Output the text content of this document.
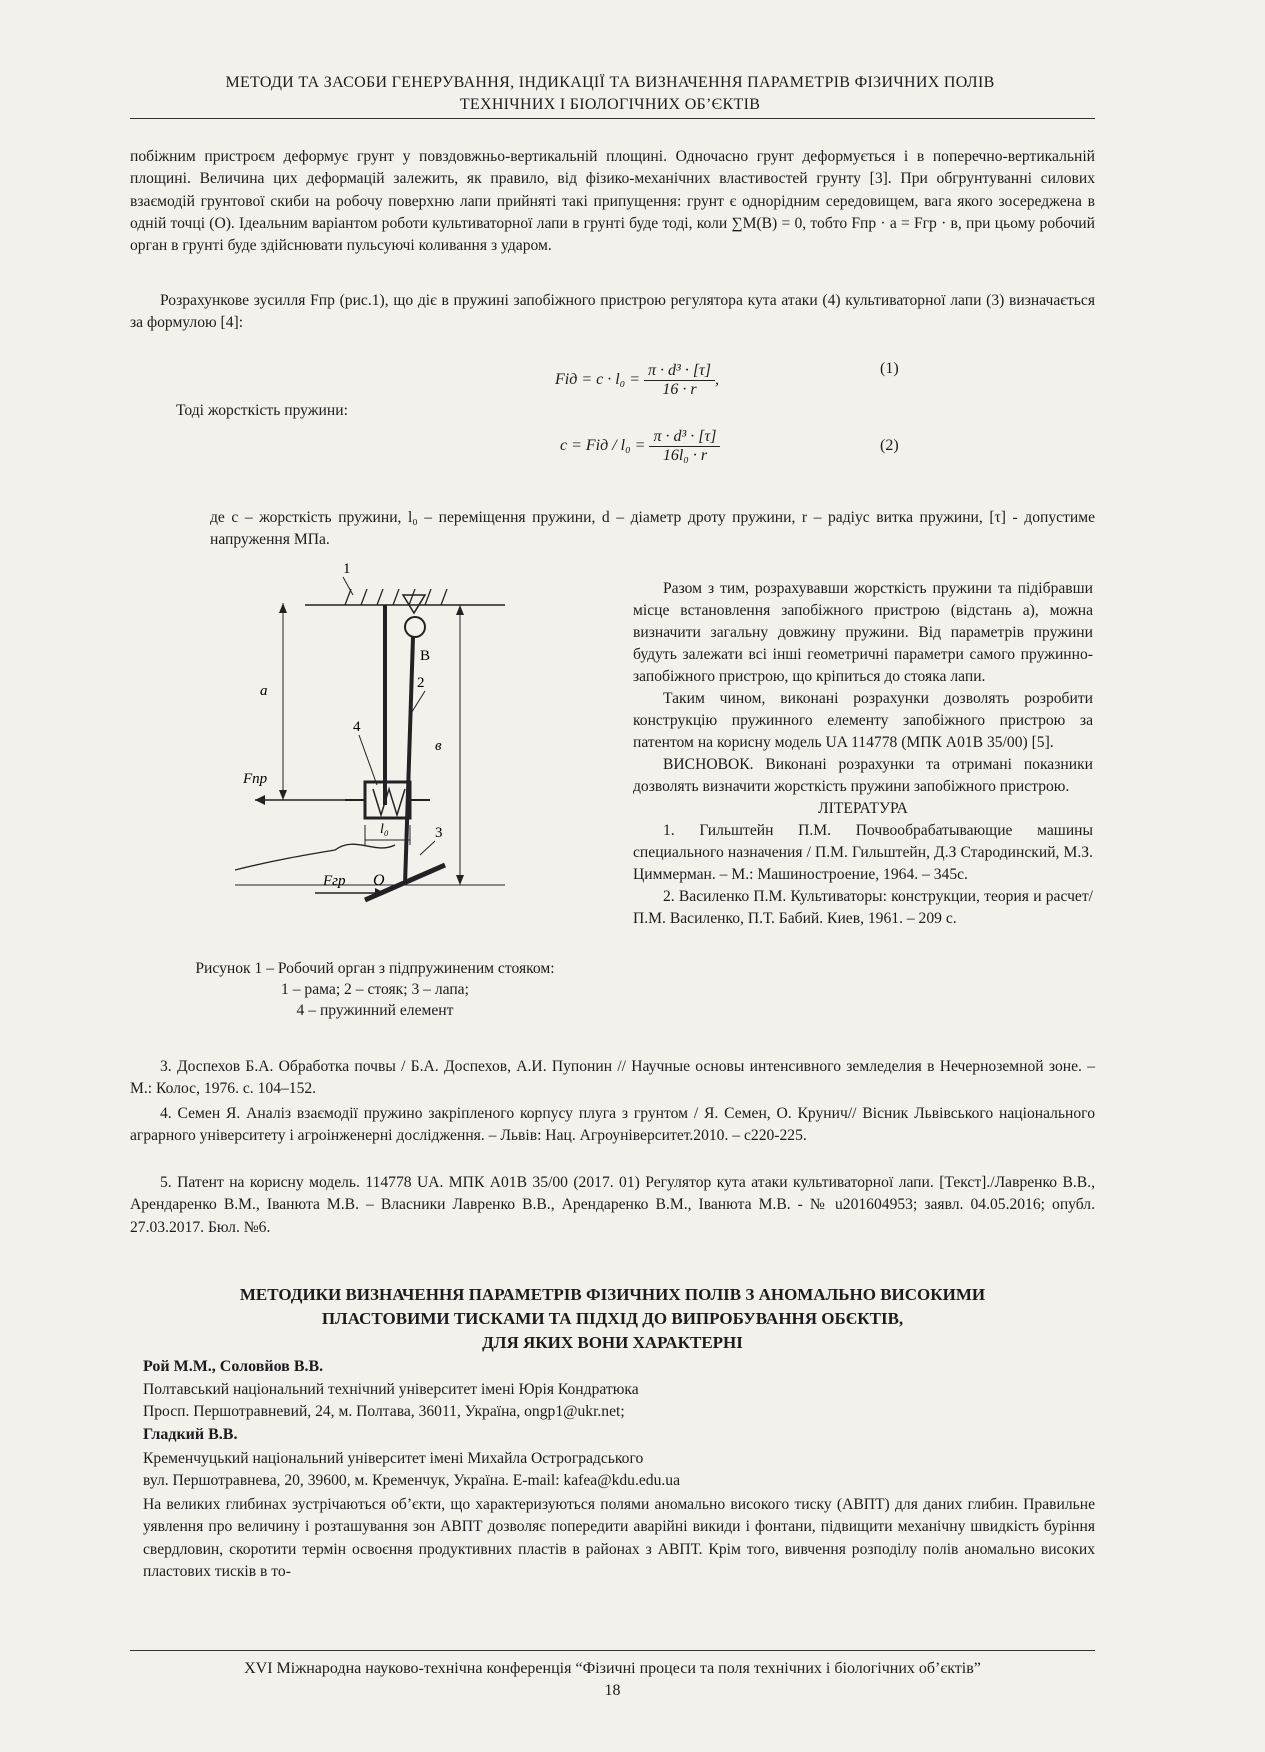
МЕТОДИ ТА ЗАСОБИ ГЕНЕРУВАННЯ, ІНДИКАЦІЇ ТА ВИЗНАЧЕННЯ ПАРАМЕТРІВ ФІЗИЧНИХ ПОЛІВ
ТЕХНІЧНИХ І БІОЛОГІЧНИХ ОБ’ЄКТІВ
побіжним пристроєм деформує грунт у повздовжньо-вертикальній площині. Одночасно грунт деформується і в поперечно-вертикальній площині. Величина цих деформацій залежить, як правило, від фізико-механічних властивостей грунту [3]. При обгрунтуванні силових взаємодій грунтової скиби на робочу поверхню лапи прийняті такі припущення: грунт є однорідним середовищем, вага якого зосереджена в одній точці (О). Ідеальним варіантом роботи культиваторної лапи в грунті буде тоді, коли ∑M(B) = 0, тобто Fпр · a = Fгр · в, при цьому робочий орган в грунті буде здійснювати пульсуючі коливання з ударом.
Розрахункове зусилля Fпр (рис.1), що діє в пружині запобіжного пристрою регулятора кута атаки (4) культиваторної лапи (3) визначається за формулою [4]:
Fід = $c \cdot l_0 = \frac{\text{π · d³ · [τ]}}{16 \cdot r}$ ,
(1)
Тоді жорсткість пружини:
c = Fід / $l_0 = \frac{\text{π · d³ · [τ]}}{\text{16l₀ · r}}$	(2)
де с – жорсткість пружини, l₀ – переміщення пружини, d – діаметр дроту пружини, r – радіус витка пружини, [τ] - допустиме напруження МПа.
1
B
2
4
Fпр
a
l₀
в
3
Fгр O
Рисунок 1 – Робочий орган з підпружиненим стояком:
1 – рама; 2 – стояк; 3 – лапа;
4 – пружинний елемент
Разом з тим, розрахувавши жорсткість пружини та підібравши місце встановлення запобіжного пристрою (відстань а), можна визначити загальну довжину пружини. Від параметрів пружини будуть залежати всі інші геометричні параметри самого пружинно-запобіжного пристрою, що кріпиться до стояка лапи.
Таким чином, виконані розрахунки дозволять розробити конструкцію пружинного елементу запобіжного пристрою за патентом на корисну модель UA 114778 (МПК А01В 35/00) [5].
ВИСНОВОК. Виконані розрахунки та отримані показники дозволять визначити жорсткість пружини запобіжного пристрою.
ЛІТЕРАТУРА
1. Гильштейн П.М. Почвообрабатывающие машины специального назначения / П.М. Гильштейн, Д.З Стародинский, М.З. Циммерман. – М.: Машиностроение, 1964. – 345с.
2. Василенко П.М. Культиваторы: конструкции, теория и расчет/ П.М. Василенко, П.Т. Бабий. Киев, 1961. – 209 с.
3. Доспехов Б.А. Обработка почвы / Б.А. Доспехов, А.И. Пупонин // Научные основы интенсивного земледелия в Нечерноземной зоне. – М.: Колос, 1976. с. 104–152.
4. Семен Я. Аналіз взаємодії пружино закріпленого корпусу плуга з грунтом / Я. Семен, О. Крунич// Вісник Львівського національного аграрного університету і агроінженерні дослідження. – Львів: Нац. Агроуніверситет.2010. – с220-225.
5. Патент на корисну модель. 114778 UA. МПК А01В 35/00 (2017. 01) Регулятор кута атаки культиваторної лапи. [Текст]./Лавренко В.В., Арендаренко В.М., Іванюта М.В. – Власники Лавренко В.В., Арендаренко В.М., Іванюта М.В. - № u201604953; заявл. 04.05.2016; опубл. 27.03.2017. Бюл. №6.
МЕТОДИКИ ВИЗНАЧЕННЯ ПАРАМЕТРІВ ФІЗИЧНИХ ПОЛІВ З АНОМАЛЬНО ВИСОКИМИ
ПЛАСТОВИМИ ТИСКАМИ ТА ПІДХІД ДО ВИПРОБУВАННЯ ОБЄКТІВ,
ДЛЯ ЯКИХ ВОНИ ХАРАКТЕРНІ
Рой М.М., Соловйов В.В.
Полтавський національний технічний університет імені Юрія Кондратюка
Просп. Першотравневий, 24, м. Полтава, 36011, Україна, ongp1@ukr.net;
Гладкий В.В.
Кременчуцький національний університет імені Михайла Остроградського
вул. Першотравнева, 20, 39600, м. Кременчук, Україна. E-mail: kafea@kdu.edu.ua
На великих глибинах зустрічаються об’єкти, що характеризуються полями аномально високого тиску (АВПТ) для даних глибин. Правильне уявлення про величину і розташування зон АВПТ дозволяє попередити аварійні викиди і фонтани, підвищити механічну швидкість буріння свердловин, скоротити термін освоєння продуктивних пластів в районах з АВПТ. Крім того, вивчення розподілу полів аномально високих пластових тисків в то-
XVI Міжнародна науково-технічна конференція “Фізичні процеси та поля технічних і біологічних об’єктів”
18
